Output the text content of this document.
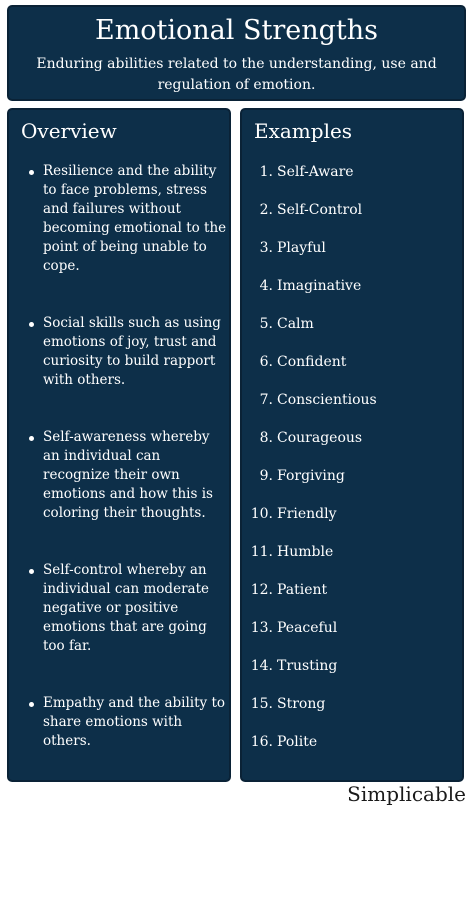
Emotional Strengths
Enduring abilities related to the understanding, use and regulation of emotion.
Overview
Resilience and the ability to face problems, stress and failures without becoming emotional to the point of being unable to cope.
Social skills such as using emotions of joy, trust and curiosity to build rapport with others.
Self-awareness whereby an individual can recognize their own emotions and how this is coloring their thoughts.
Self-control whereby an individual can moderate negative or positive emotions that are going too far.
Empathy and the ability to share emotions with others.
Emotional intelligence and the ability to read emotion and respond in some effective way.
Examples
1. Self-Aware
2. Self-Control
3. Playful
4. Imaginative
5. Calm
6. Confident
7. Conscientious
8. Courageous
9. Forgiving
10. Friendly
11. Humble
12. Patient
13. Peaceful
14. Trusting
15. Strong
16. Polite
Simplicable
